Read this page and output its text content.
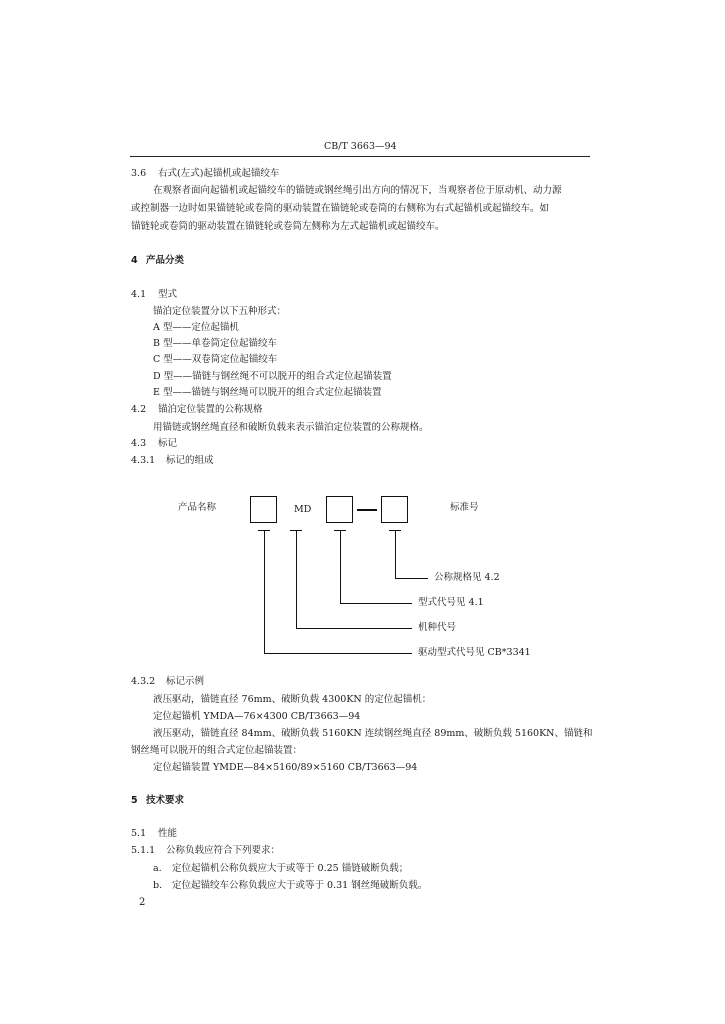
CB/T 3663—94
3.6 右式(左式)起锚机或起锚绞车
在观察者面向起锚机或起锚绞车的锚链或钢丝绳引出方向的情况下，当观察者位于原动机、动力源
或控制器一边时如果锚链轮或卷筒的驱动装置在锚链轮或卷筒的右侧称为右式起锚机或起锚绞车。如
锚链轮或卷筒的驱动装置在锚链轮或卷筒左侧称为左式起锚机或起锚绞车。
4 产品分类
4.1 型式
锚泊定位装置分以下五种形式：
A 型——定位起锚机
B 型——单卷筒定位起锚绞车
C 型——双卷筒定位起锚绞车
D 型——锚链与钢丝绳不可以脱开的组合式定位起锚装置
E 型——锚链与钢丝绳可以脱开的组合式定位起锚装置
4.2 锚泊定位装置的公称规格
用锚链或钢丝绳直径和破断负载来表示锚泊定位装置的公称规格。
4.3 标记
4.3.1 标记的组成
产品名称	MD	标准号
公称规格见 4.2
型式代号见 4.1
机种代号
驱动型式代号见 CB*3341
4.3.2 标记示例
液压驱动，锚链直径 76mm、破断负载 4300KN 的定位起锚机：
定位起锚机 YMDA—76×4300 CB/T3663—94
液压驱动，锚链直径 84mm、破断负载 5160KN 连续钢丝绳直径 89mm、破断负载 5160KN、锚链和
钢丝绳可以脱开的组合式定位起锚装置：
定位起锚装置 YMDE—84×5160/89×5160 CB/T3663—94
5 技术要求
5.1 性能
5.1.1 公称负载应符合下列要求：
a. 定位起锚机公称负载应大于或等于 0.25 锚链破断负载；
b. 定位起锚绞车公称负载应大于或等于 0.31 钢丝绳破断负载。
2
